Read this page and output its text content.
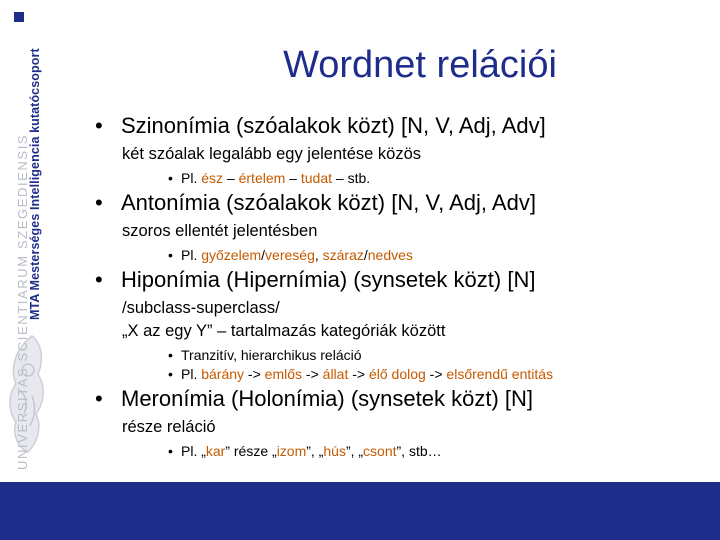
MTA Mesterséges Intelligencia kutatócsoport
UNIVERSITAS SCIENTIARUM SZEGEDIENSIS
Wordnet relációi
• Szinonímia (szóalakok közt) [N, V, Adj, Adv]
két szóalak legalább egy jelentése közös
• Pl. ész – értelem – tudat – stb.
• Antonímia (szóalakok közt) [N, V, Adj, Adv]
szoros ellentét jelentésben
• Pl. győzelem/vereség, száraz/nedves
• Hiponímia (Hipernímia) (synsetek közt) [N]
/subclass-superclass/
„X az egy Y” – tartalmazás kategóriák között
• Tranzitív, hierarchikus reláció
• Pl. bárány -> emlős -> állat -> élő dolog -> elsőrendű entitás
• Meronímia (Holonímia) (synsetek közt) [N]
része reláció
• Pl. „kar” része „izom”, „hús”, „csont”, stb…
